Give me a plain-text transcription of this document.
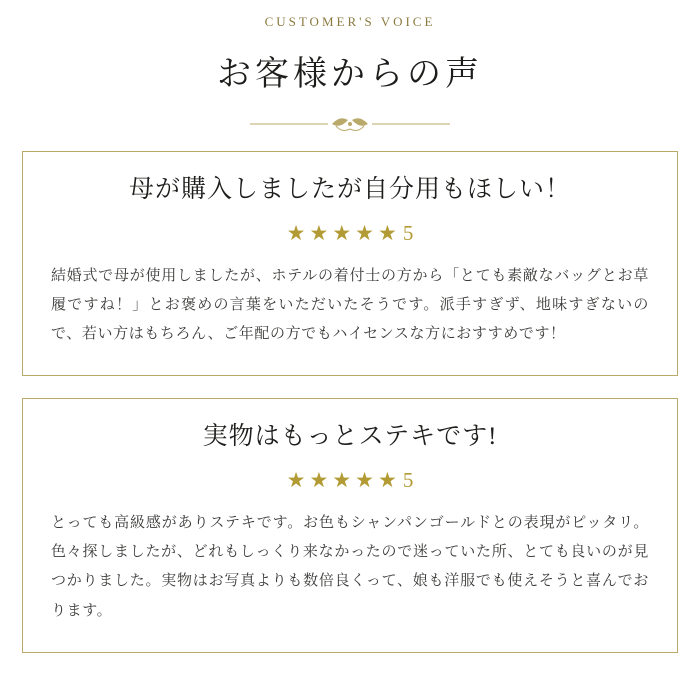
CUSTOMER'S VOICE
お客様からの声
母が購入しましたが自分用もほしい！
★★★★★5
結婚式で母が使用しましたが、ホテルの着付士の方から「とても素敵なバッグとお草履ですね！」とお褒めの言葉をいただいたそうです。派手すぎず、地味すぎないので、若い方はもちろん、ご年配の方でもハイセンスな方におすすめです！
実物はもっとステキです!
★★★★★5
とっても高級感がありステキです。お色もシャンパンゴールドとの表現がピッタリ。色々探しましたが、どれもしっくり来なかったので迷っていた所、とても良いのが見つかりました。実物はお写真よりも数倍良くって、娘も洋服でも使えそうと喜んでおります。
